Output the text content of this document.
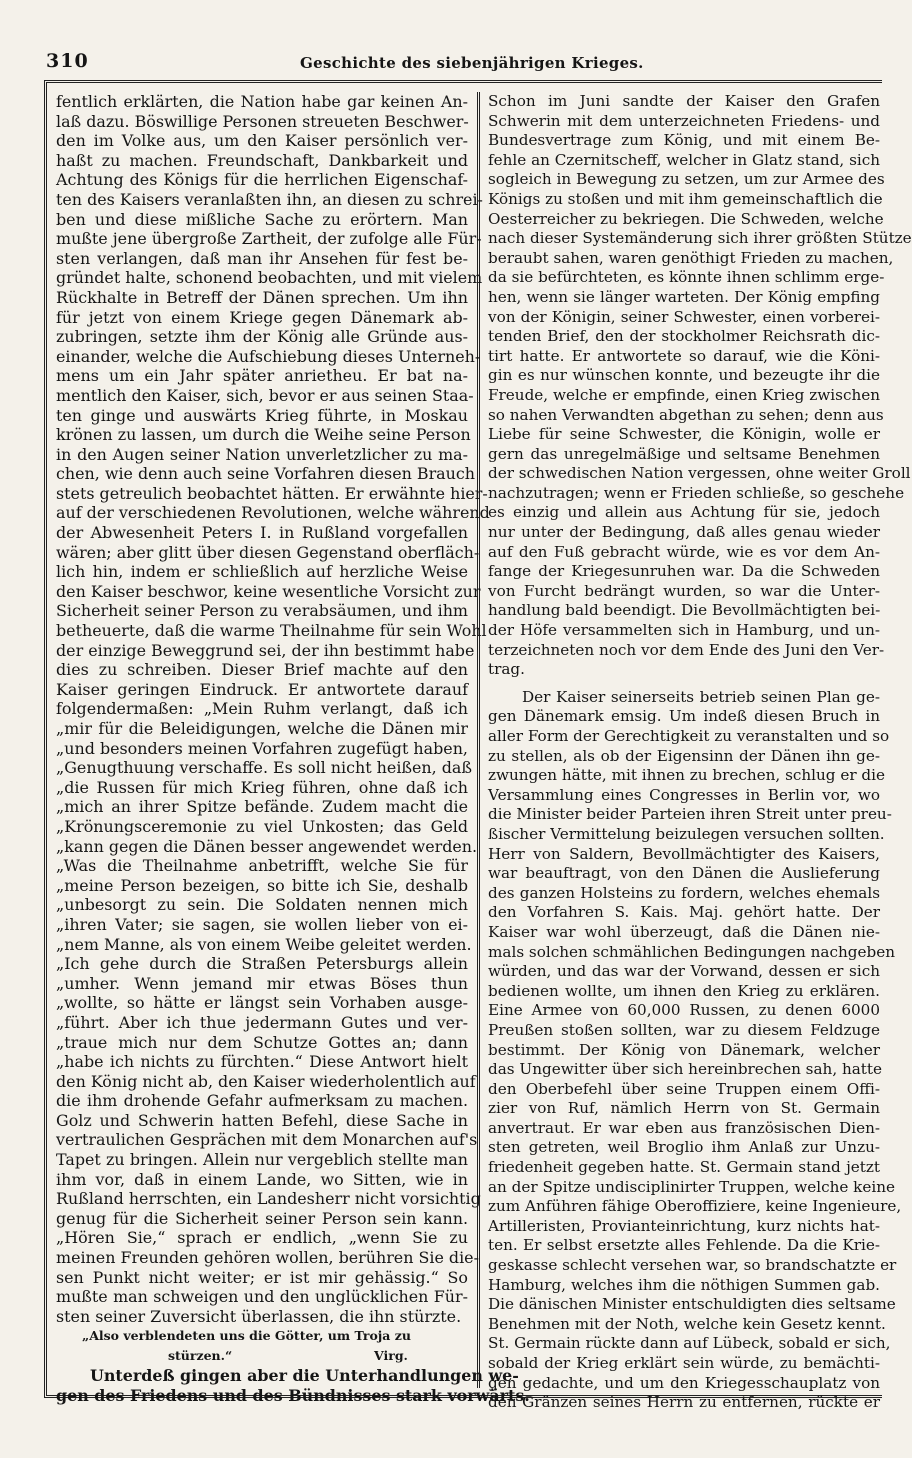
310	Geschichte des siebenjährigen Krieges.
fentlich erklärten, die Nation habe gar keinen An-
laß dazu. Böswillige Personen streueten Beschwer-
den im Volke aus, um den Kaiser persönlich ver-
haßt zu machen. Freundschaft, Dankbarkeit und
Achtung des Königs für die herrlichen Eigenschaf-
ten des Kaisers veranlaßten ihn, an diesen zu schrei-
ben und diese mißliche Sache zu erörtern. Man
mußte jene übergroße Zartheit, der zufolge alle Für-
sten verlangen, daß man ihr Ansehen für fest be-
gründet halte, schonend beobachten, und mit vielem
Rückhalte in Betreff der Dänen sprechen. Um ihn
für jetzt von einem Kriege gegen Dänemark ab-
zubringen, setzte ihm der König alle Gründe aus-
einander, welche die Aufschiebung dieses Unterneh-
mens um ein Jahr später anrietheu. Er bat na-
mentlich den Kaiser, sich, bevor er aus seinen Staa-
ten ginge und auswärts Krieg führte, in Moskau
krönen zu lassen, um durch die Weihe seine Person
in den Augen seiner Nation unverletzlicher zu ma-
chen, wie denn auch seine Vorfahren diesen Brauch
stets getreulich beobachtet hätten. Er erwähnte hier-
auf der verschiedenen Revolutionen, welche während
der Abwesenheit Peters I. in Rußland vorgefallen
wären; aber glitt über diesen Gegenstand oberfläch-
lich hin, indem er schließlich auf herzliche Weise
den Kaiser beschwor, keine wesentliche Vorsicht zur
Sicherheit seiner Person zu verabsäumen, und ihm
betheuerte, daß die warme Theilnahme für sein Wohl
der einzige Beweggrund sei, der ihn bestimmt habe
dies zu schreiben. Dieser Brief machte auf den
Kaiser geringen Eindruck. Er antwortete darauf
folgendermaßen: „Mein Ruhm verlangt, daß ich
„mir für die Beleidigungen, welche die Dänen mir
„und besonders meinen Vorfahren zugefügt haben,
„Genugthuung verschaffe. Es soll nicht heißen, daß
„die Russen für mich Krieg führen, ohne daß ich
„mich an ihrer Spitze befände. Zudem macht die
„Krönungsceremonie zu viel Unkosten; das Geld
„kann gegen die Dänen besser angewendet werden.
„Was die Theilnahme anbetrifft, welche Sie für
„meine Person bezeigen, so bitte ich Sie, deshalb
„unbesorgt zu sein. Die Soldaten nennen mich
„ihren Vater; sie sagen, sie wollen lieber von ei-
„nem Manne, als von einem Weibe geleitet werden.
„Ich gehe durch die Straßen Petersburgs allein
„umher. Wenn jemand mir etwas Böses thun
„wollte, so hätte er längst sein Vorhaben ausge-
„führt. Aber ich thue jedermann Gutes und ver-
„traue mich nur dem Schutze Gottes an; dann
„habe ich nichts zu fürchten.“ Diese Antwort hielt
den König nicht ab, den Kaiser wiederholentlich auf
die ihm drohende Gefahr aufmerksam zu machen.
Golz und Schwerin hatten Befehl, diese Sache in
vertraulichen Gesprächen mit dem Monarchen auf's
Tapet zu bringen. Allein nur vergeblich stellte man
ihm vor, daß in einem Lande, wo Sitten, wie in
Rußland herrschten, ein Landesherr nicht vorsichtig
genug für die Sicherheit seiner Person sein kann.
„Hören Sie,“ sprach er endlich, „wenn Sie zu
meinen Freunden gehören wollen, berühren Sie die-
sen Punkt nicht weiter; er ist mir gehässig.“ So
mußte man schweigen und den unglücklichen Für-
sten seiner Zuversicht überlassen, die ihn stürzte.
„Also verblendeten uns die Götter, um Troja zu
stürzen.“	Virg.
Unterdeß gingen aber die Unterhandlungen we-
gen des Friedens und des Bündnisses stark vorwärts.
Schon im Juni sandte der Kaiser den Grafen
Schwerin mit dem unterzeichneten Friedens- und
Bundesvertrage zum König, und mit einem Be-
fehle an Czernitscheff, welcher in Glatz stand, sich
sogleich in Bewegung zu setzen, um zur Armee des
Königs zu stoßen und mit ihm gemeinschaftlich die
Oesterreicher zu bekriegen. Die Schweden, welche
nach dieser Systemänderung sich ihrer größten Stütze
beraubt sahen, waren genöthigt Frieden zu machen,
da sie befürchteten, es könnte ihnen schlimm erge-
hen, wenn sie länger warteten. Der König empfing
von der Königin, seiner Schwester, einen vorberei-
tenden Brief, den der stockholmer Reichsrath dic-
tirt hatte. Er antwortete so darauf, wie die Köni-
gin es nur wünschen konnte, und bezeugte ihr die
Freude, welche er empfinde, einen Krieg zwischen
so nahen Verwandten abgethan zu sehen; denn aus
Liebe für seine Schwester, die Königin, wolle er
gern das unregelmäßige und seltsame Benehmen
der schwedischen Nation vergessen, ohne weiter Groll
nachzutragen; wenn er Frieden schließe, so geschehe
es einzig und allein aus Achtung für sie, jedoch
nur unter der Bedingung, daß alles genau wieder
auf den Fuß gebracht würde, wie es vor dem An-
fange der Kriegesunruhen war. Da die Schweden
von Furcht bedrängt wurden, so war die Unter-
handlung bald beendigt. Die Bevollmächtigten bei-
der Höfe versammelten sich in Hamburg, und un-
terzeichneten noch vor dem Ende des Juni den Ver-
trag.
Der Kaiser seinerseits betrieb seinen Plan ge-
gen Dänemark emsig. Um indeß diesen Bruch in
aller Form der Gerechtigkeit zu veranstalten und so
zu stellen, als ob der Eigensinn der Dänen ihn ge-
zwungen hätte, mit ihnen zu brechen, schlug er die
Versammlung eines Congresses in Berlin vor, wo
die Minister beider Parteien ihren Streit unter preu-
ßischer Vermittelung beizulegen versuchen sollten.
Herr von Saldern, Bevollmächtigter des Kaisers,
war beauftragt, von den Dänen die Auslieferung
des ganzen Holsteins zu fordern, welches ehemals
den Vorfahren S. Kais. Maj. gehört hatte. Der
Kaiser war wohl überzeugt, daß die Dänen nie-
mals solchen schmählichen Bedingungen nachgeben
würden, und das war der Vorwand, dessen er sich
bedienen wollte, um ihnen den Krieg zu erklären.
Eine Armee von 60,000 Russen, zu denen 6000
Preußen stoßen sollten, war zu diesem Feldzuge
bestimmt. Der König von Dänemark, welcher
das Ungewitter über sich hereinbrechen sah, hatte
den Oberbefehl über seine Truppen einem Offi-
zier von Ruf, nämlich Herrn von St. Germain
anvertraut. Er war eben aus französischen Dien-
sten getreten, weil Broglio ihm Anlaß zur Unzu-
friedenheit gegeben hatte. St. Germain stand jetzt
an der Spitze undisciplinirter Truppen, welche keine
zum Anführen fähige Oberoffiziere, keine Ingenieure,
Artilleristen, Provianteinrichtung, kurz nichts hat-
ten. Er selbst ersetzte alles Fehlende. Da die Krie-
geskasse schlecht versehen war, so brandschatzte er
Hamburg, welches ihm die nöthigen Summen gab.
Die dänischen Minister entschuldigten dies seltsame
Benehmen mit der Noth, welche kein Gesetz kennt.
St. Germain rückte dann auf Lübeck, sobald er sich,
sobald der Krieg erklärt sein würde, zu bemächti-
gen gedachte, und um den Kriegesschauplatz von
den Gränzen seines Herrn zu entfernen, rückte er
